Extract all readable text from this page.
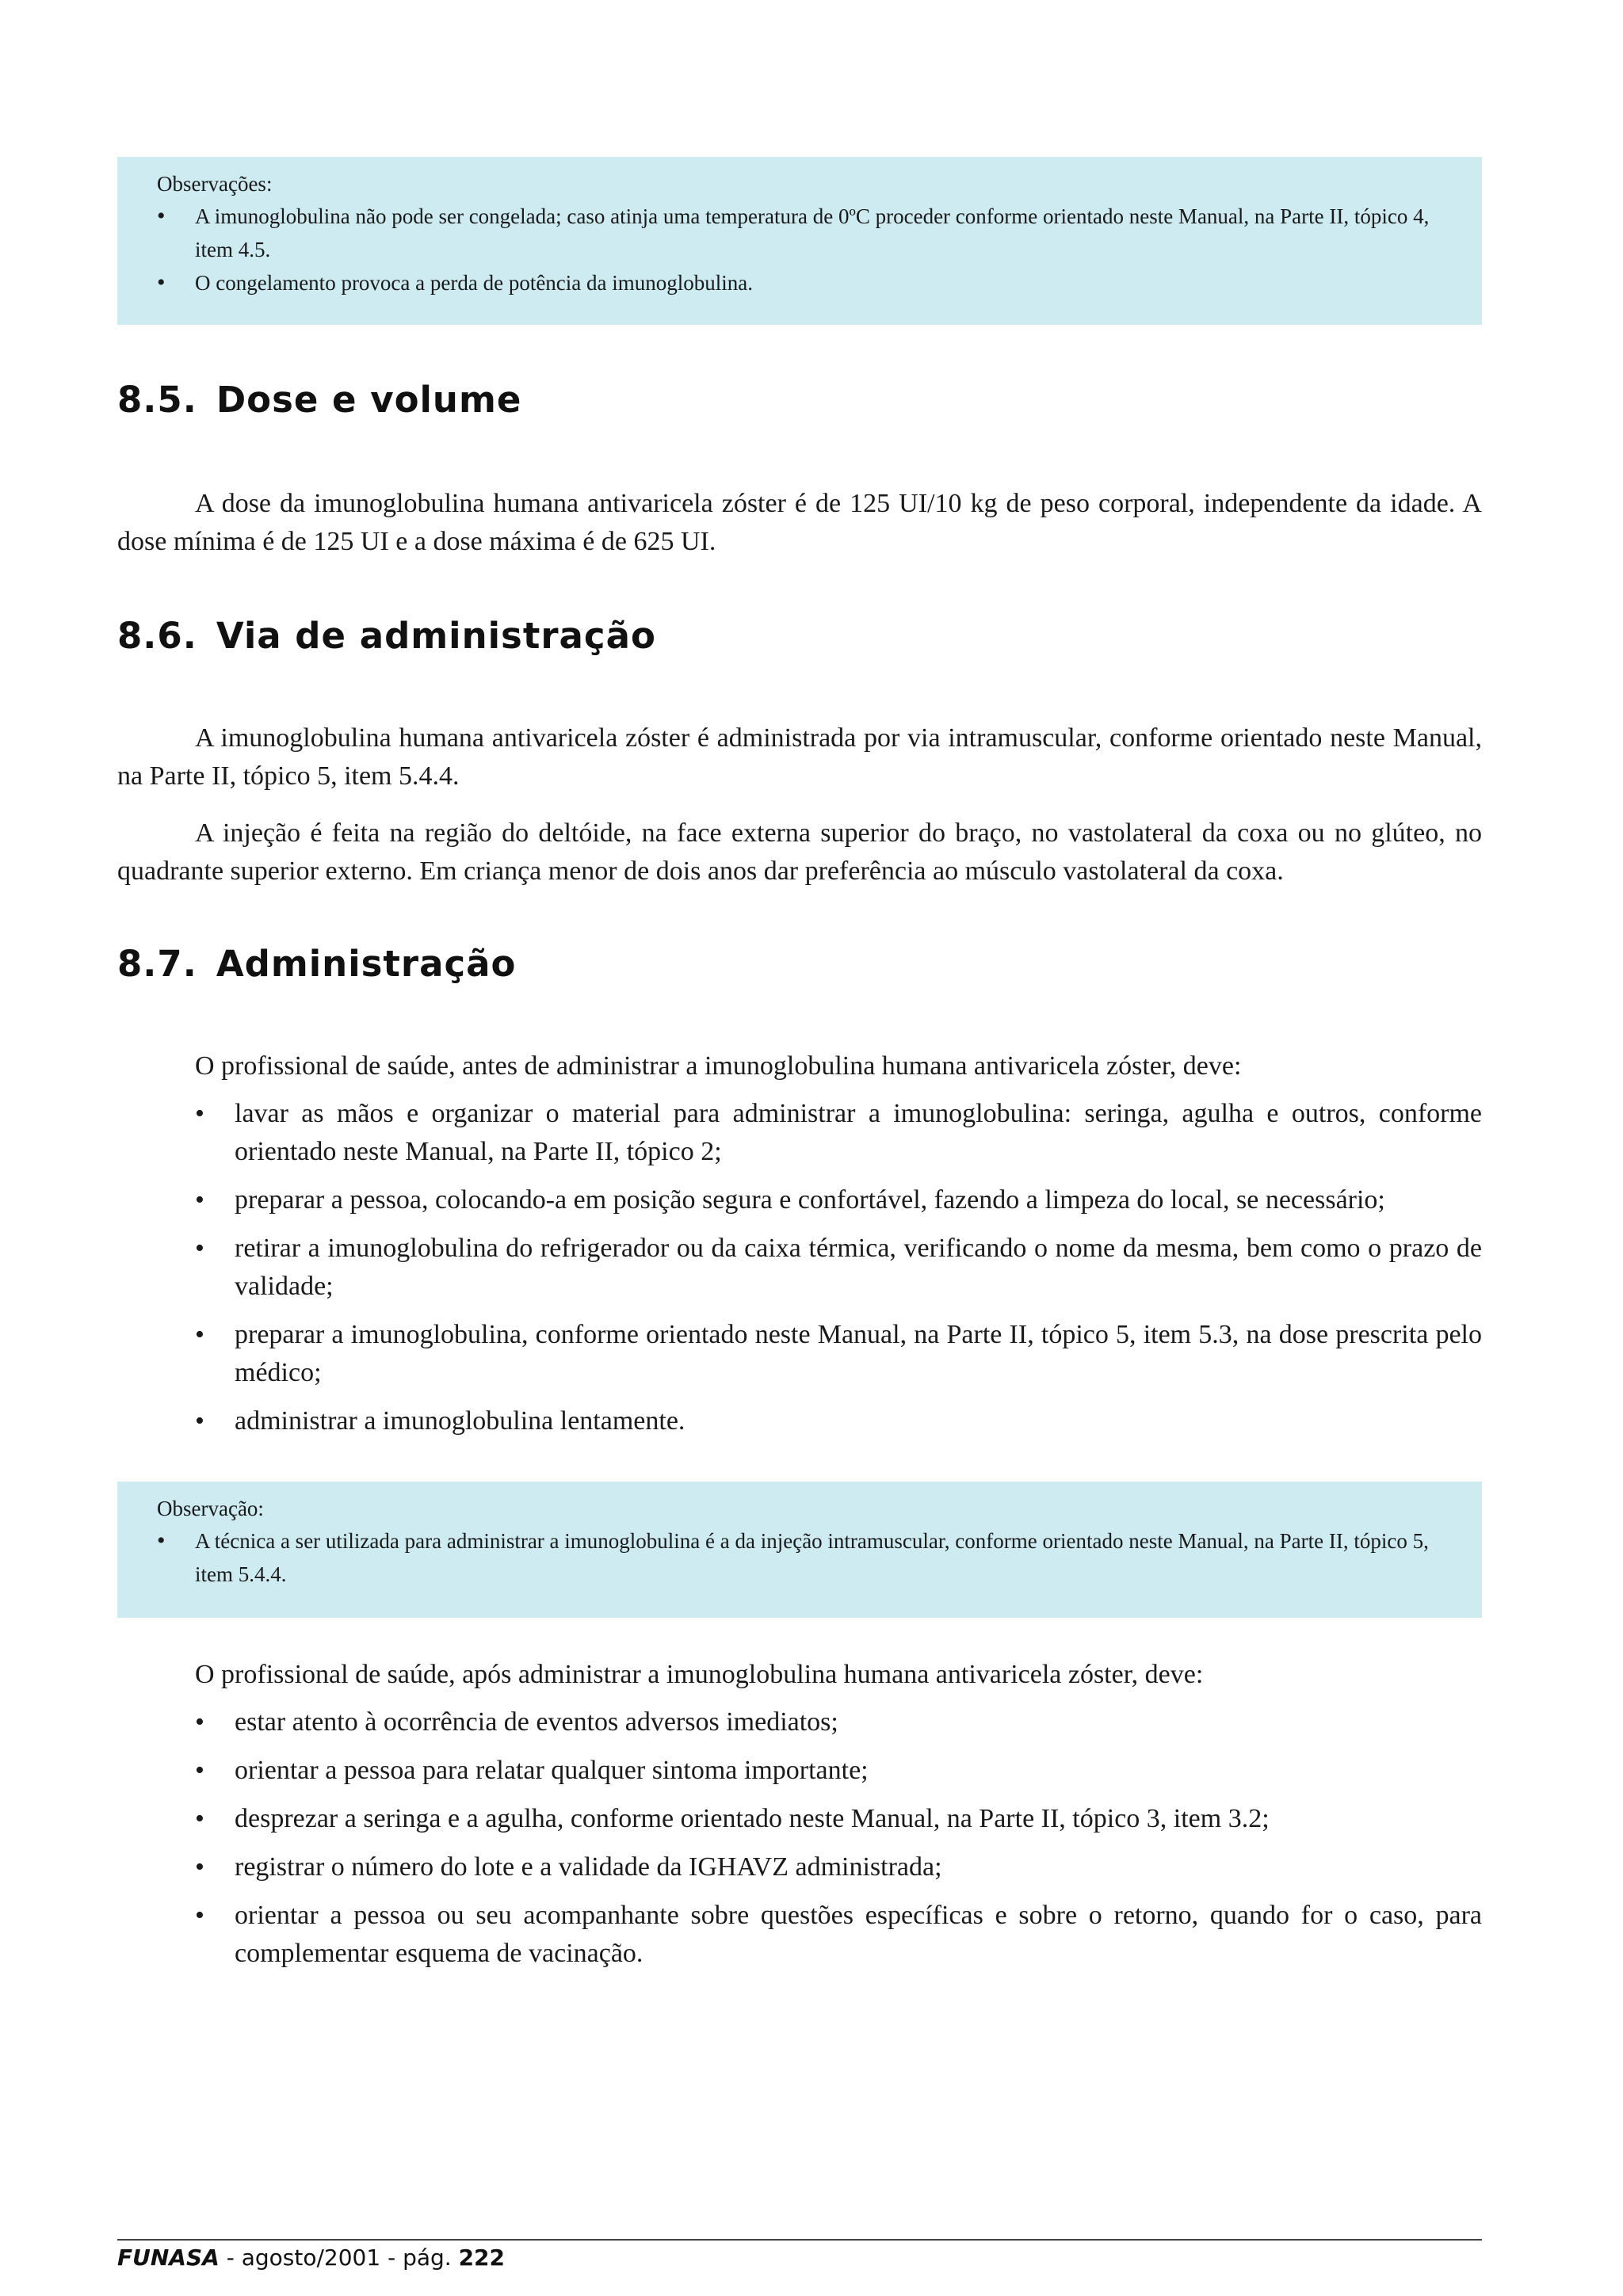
Observações:

• A imunoglobulina não pode ser congelada; caso atinja uma temperatura de 0ºC proceder conforme orientado neste Manual, na Parte II, tópico 4, item 4.5.
• O congelamento provoca a perda de potência da imunoglobulina.
8.5. Dose e volume

A dose da imunoglobulina humana antivaricela zóster é de 125 UI/10 kg de peso corporal, independente da idade. A dose mínima é de 125 UI e a dose máxima é de 625 UI.

8.6. Via de administração

A imunoglobulina humana antivaricela zóster é administrada por via intramuscular, conforme orientado neste Manual, na Parte II, tópico 5, item 5.4.4.

A injeção é feita na região do deltóide, na face externa superior do braço, no vastolateral da coxa ou no glúteo, no quadrante superior externo. Em criança menor de dois anos dar preferência ao músculo vastolateral da coxa.

8.7. Administração

O profissional de saúde, antes de administrar a imunoglobulina humana antivaricela zóster, deve:

• lavar as mãos e organizar o material para administrar a imunoglobulina: seringa, agulha e outros, conforme orientado neste Manual, na Parte II, tópico 2;
• preparar a pessoa, colocando-a em posição segura e confortável, fazendo a limpeza do local, se necessário;
• retirar a imunoglobulina do refrigerador ou da caixa térmica, verificando o nome da mesma, bem como o prazo de validade;
• preparar a imunoglobulina, conforme orientado neste Manual, na Parte II, tópico 5, item 5.3, na dose prescrita pelo médico;
• administrar a imunoglobulina lentamente.

Observação:

• A técnica a ser utilizada para administrar a imunoglobulina é a da injeção intramuscular, conforme orientado neste Manual, na Parte II, tópico 5, item 5.4.4.

O profissional de saúde, após administrar a imunoglobulina humana antivaricela zóster, deve:

• estar atento à ocorrência de eventos adversos imediatos;
• orientar a pessoa para relatar qualquer sintoma importante;
• desprezar a seringa e a agulha, conforme orientado neste Manual, na Parte II, tópico 3, item 3.2;
• registrar o número do lote e a validade da IGHAVZ administrada;
• orientar a pessoa ou seu acompanhante sobre questões específicas e sobre o retorno, quando for o caso, para complementar esquema de vacinação.
FUNASA - agosto/2001 - pág. 222
